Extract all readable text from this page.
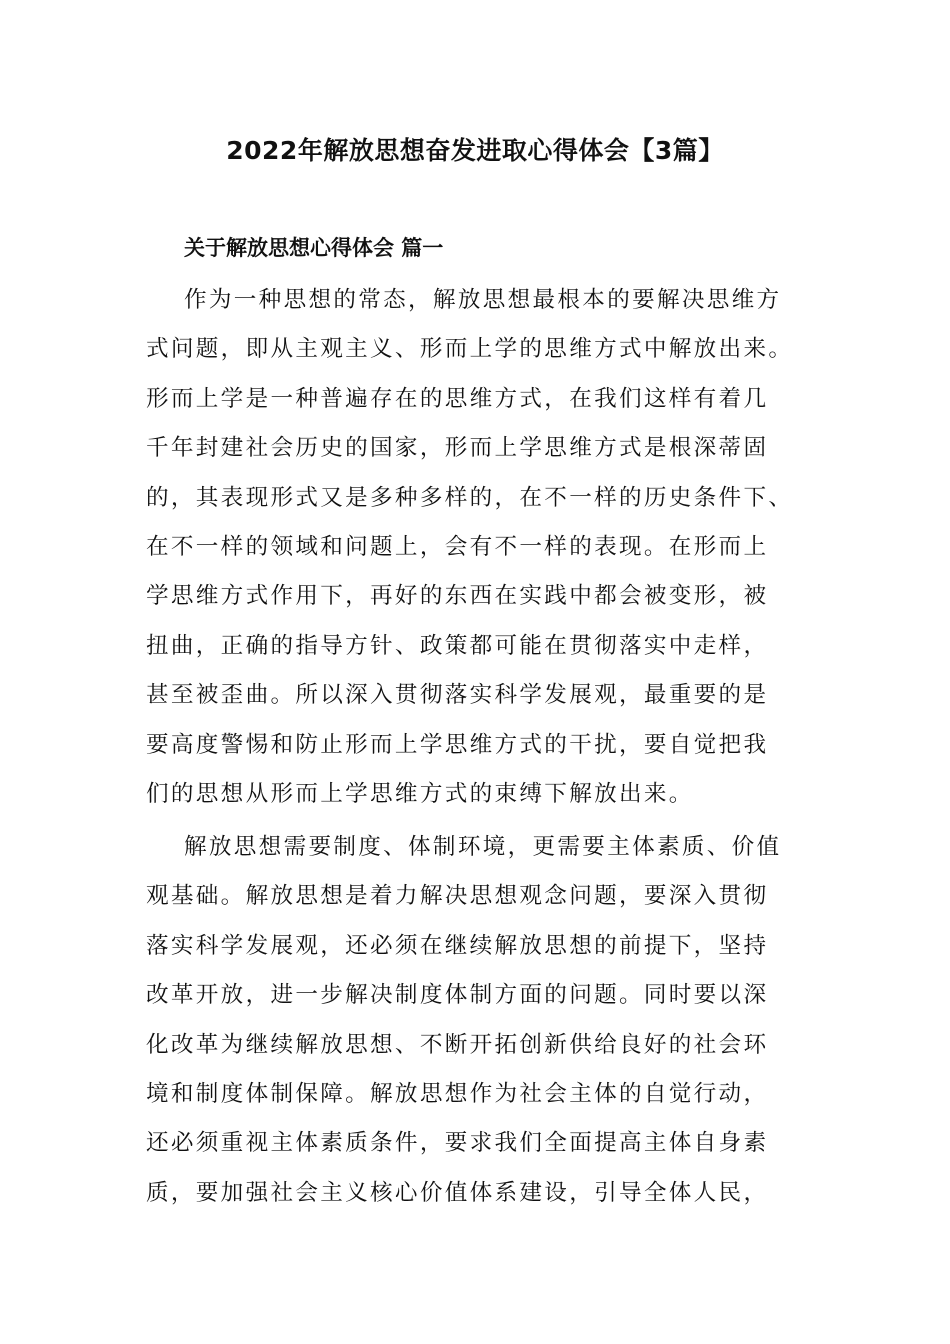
2022年解放思想奋发进取心得体会【3篇】
关于解放思想心得体会 篇一
作为一种思想的常态，解放思想最根本的要解决思维方
式问题，即从主观主义、形而上学的思维方式中解放出来。
形而上学是一种普遍存在的思维方式，在我们这样有着几
千年封建社会历史的国家，形而上学思维方式是根深蒂固
的，其表现形式又是多种多样的，在不一样的历史条件下、
在不一样的领域和问题上，会有不一样的表现。在形而上
学思维方式作用下，再好的东西在实践中都会被变形，被
扭曲，正确的指导方针、政策都可能在贯彻落实中走样，
甚至被歪曲。所以深入贯彻落实科学发展观，最重要的是
要高度警惕和防止形而上学思维方式的干扰，要自觉把我
们的思想从形而上学思维方式的束缚下解放出来。
解放思想需要制度、体制环境，更需要主体素质、价值
观基础。解放思想是着力解决思想观念问题，要深入贯彻
落实科学发展观，还必须在继续解放思想的前提下，坚持
改革开放，进一步解决制度体制方面的问题。同时要以深
化改革为继续解放思想、不断开拓创新供给良好的社会环
境和制度体制保障。解放思想作为社会主体的自觉行动，
还必须重视主体素质条件，要求我们全面提高主体自身素
质，要加强社会主义核心价值体系建设，引导全体人民，
